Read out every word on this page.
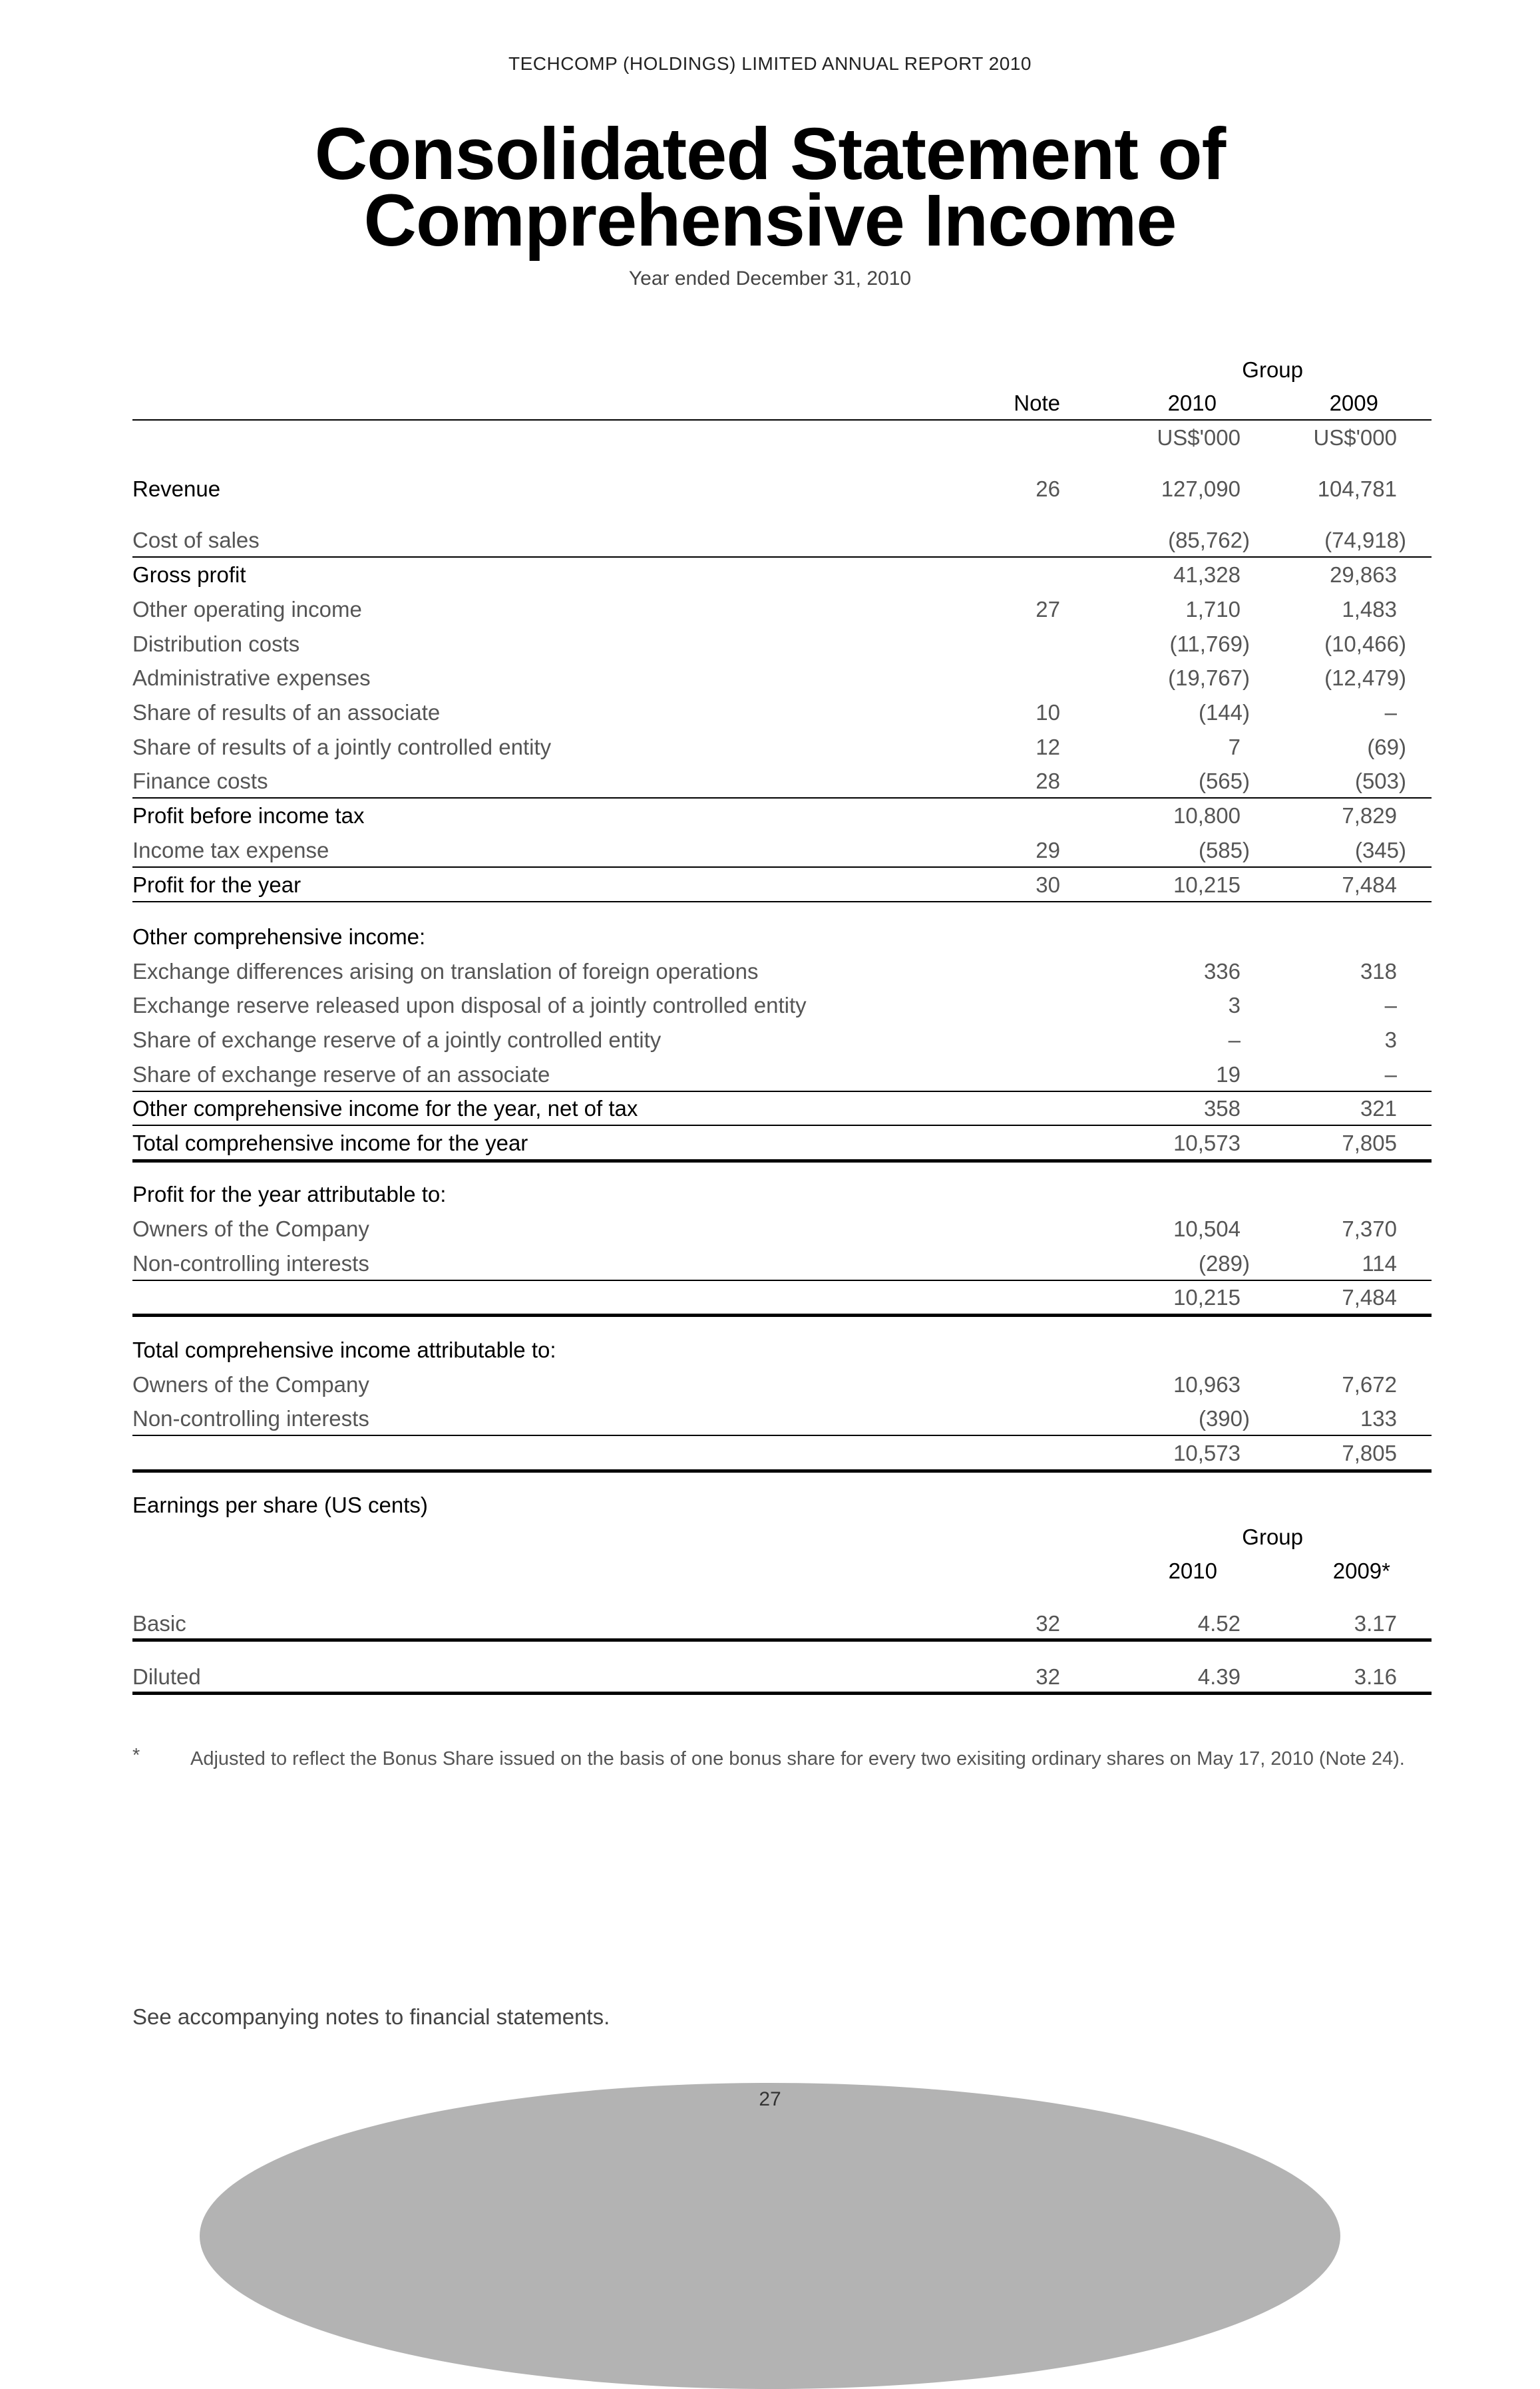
TECHCOMP (HOLDINGS) LIMITED ANNUAL REPORT 2010
Consolidated Statement of
Comprehensive Income
Year ended December 31, 2010
Group
Note	2010	2009
US$'000	US$'000
Revenue	26	127,090	104,781
Cost of sales	(85,762)	(74,918)
Gross profit	41,328	29,863
Other operating income	27	1,710	1,483
Distribution costs	(11,769)	(10,466)
Administrative expenses	(19,767)	(12,479)
Share of results of an associate	10	(144)	–
Share of results of a jointly controlled entity	12	7	(69)
Finance costs	28	(565)	(503)
Profit before income tax	10,800	7,829
Income tax expense	29	(585)	(345)
Profit for the year	30	10,215	7,484
Other comprehensive income:
Exchange differences arising on translation of foreign operations	336	318
Exchange reserve released upon disposal of a jointly controlled entity	3	–
Share of exchange reserve of a jointly controlled entity	–	3
Share of exchange reserve of an associate	19	–
Other comprehensive income for the year, net of tax	358	321
Total comprehensive income for the year	10,573	7,805
Profit for the year attributable to:
Owners of the Company	10,504	7,370
Non-controlling interests	(289)	114
10,215	7,484
Total comprehensive income attributable to:
Owners of the Company	10,963	7,672
Non-controlling interests	(390)	133
10,573	7,805
Earnings per share (US cents)
Group
2010	2009*
Basic	32	4.52	3.17
Diluted	32	4.39	3.16
*	Adjusted to reflect the Bonus Share issued on the basis of one bonus share for every two exisiting ordinary shares on May 17, 2010 (Note 24).
See accompanying notes to financial statements.
27
